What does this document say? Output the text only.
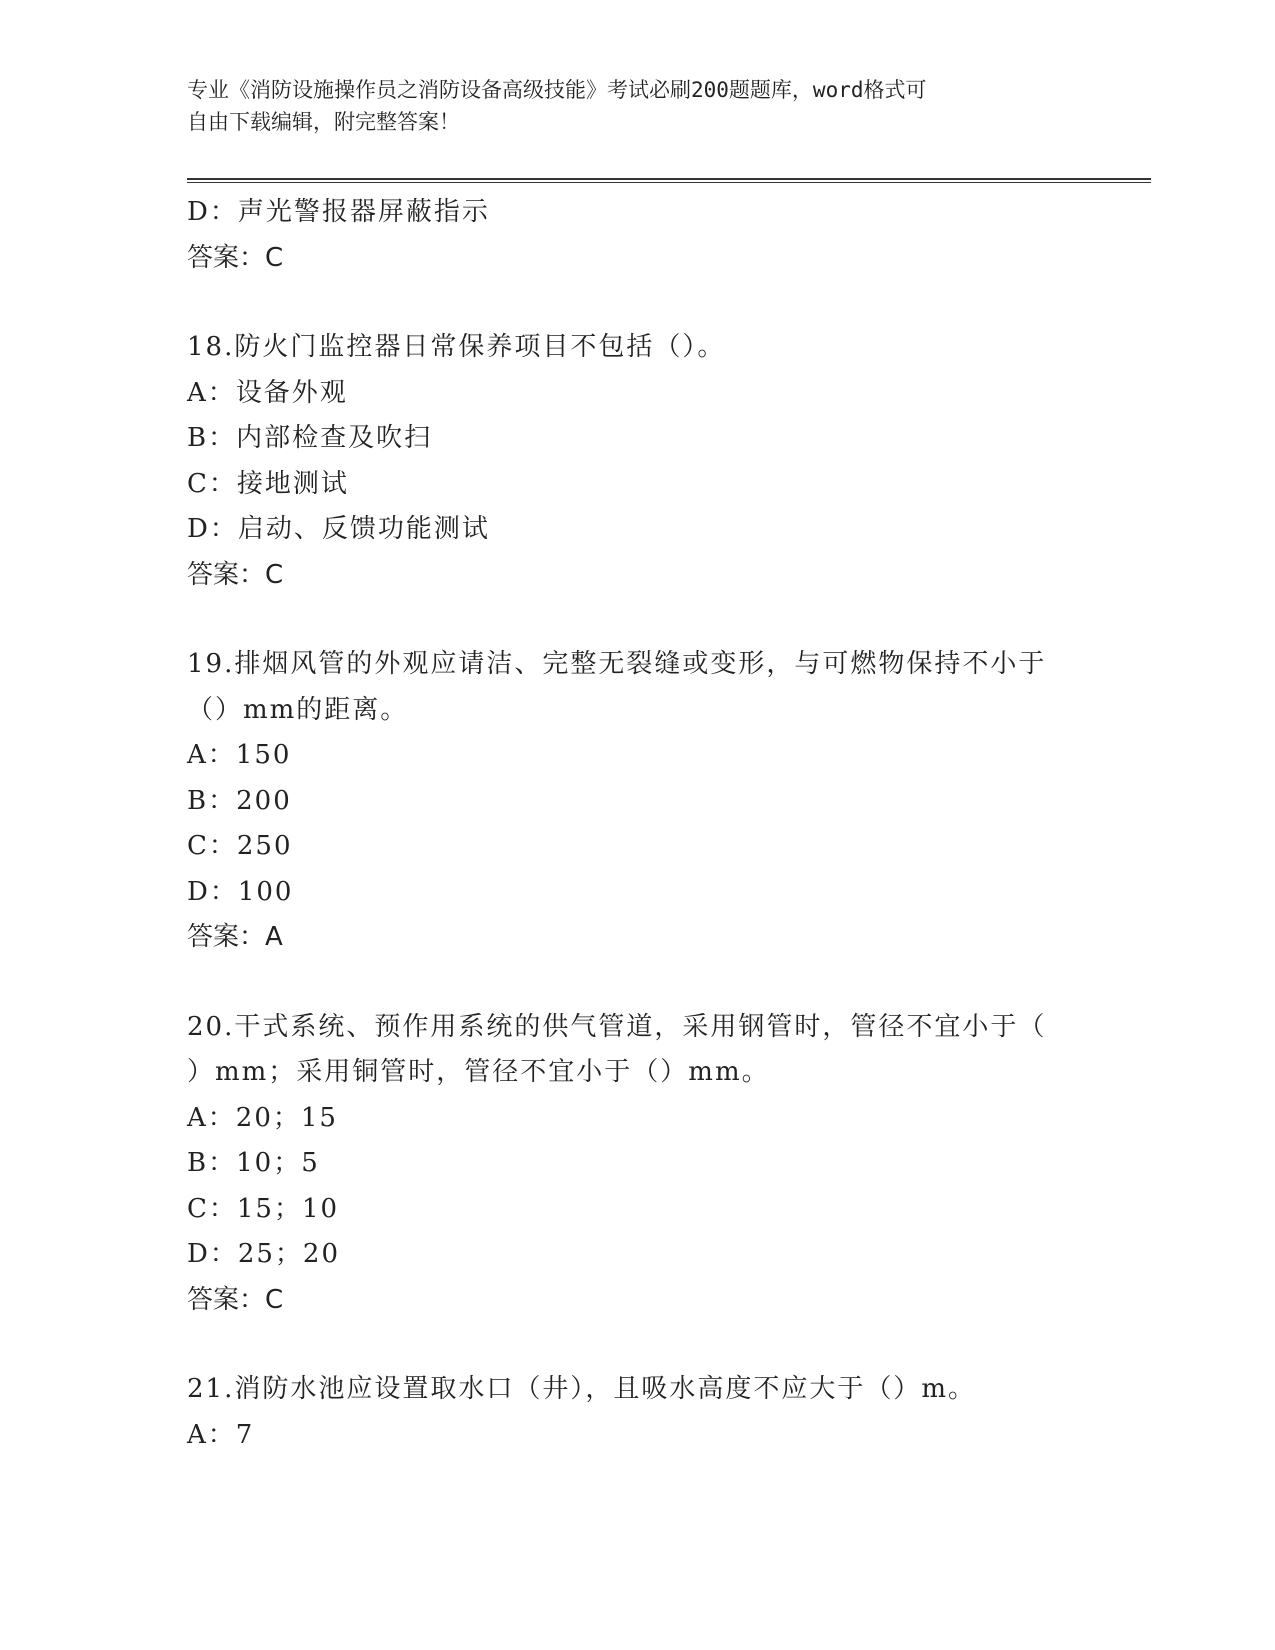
专业《消防设施操作员之消防设备高级技能》考试必刷200题题库，word格式可
自由下载编辑，附完整答案！
D：声光警报器屏蔽指示
答案：C
18.防火门监控器日常保养项目不包括（）。
A：设备外观
B：内部检查及吹扫
C：接地测试
D：启动、反馈功能测试
答案：C
19.排烟风管的外观应请洁、完整无裂缝或变形，与可燃物保持不小于
（）mm的距离。
A：150
B：200
C：250
D：100
答案：A
20.干式系统、预作用系统的供气管道，采用钢管时，管径不宜小于（
）mm；采用铜管时，管径不宜小于（）mm。
A：20；15
B：10；5
C：15；10
D：25；20
答案：C
21.消防水池应设置取水口（井），且吸水高度不应大于（）m。
A：7
